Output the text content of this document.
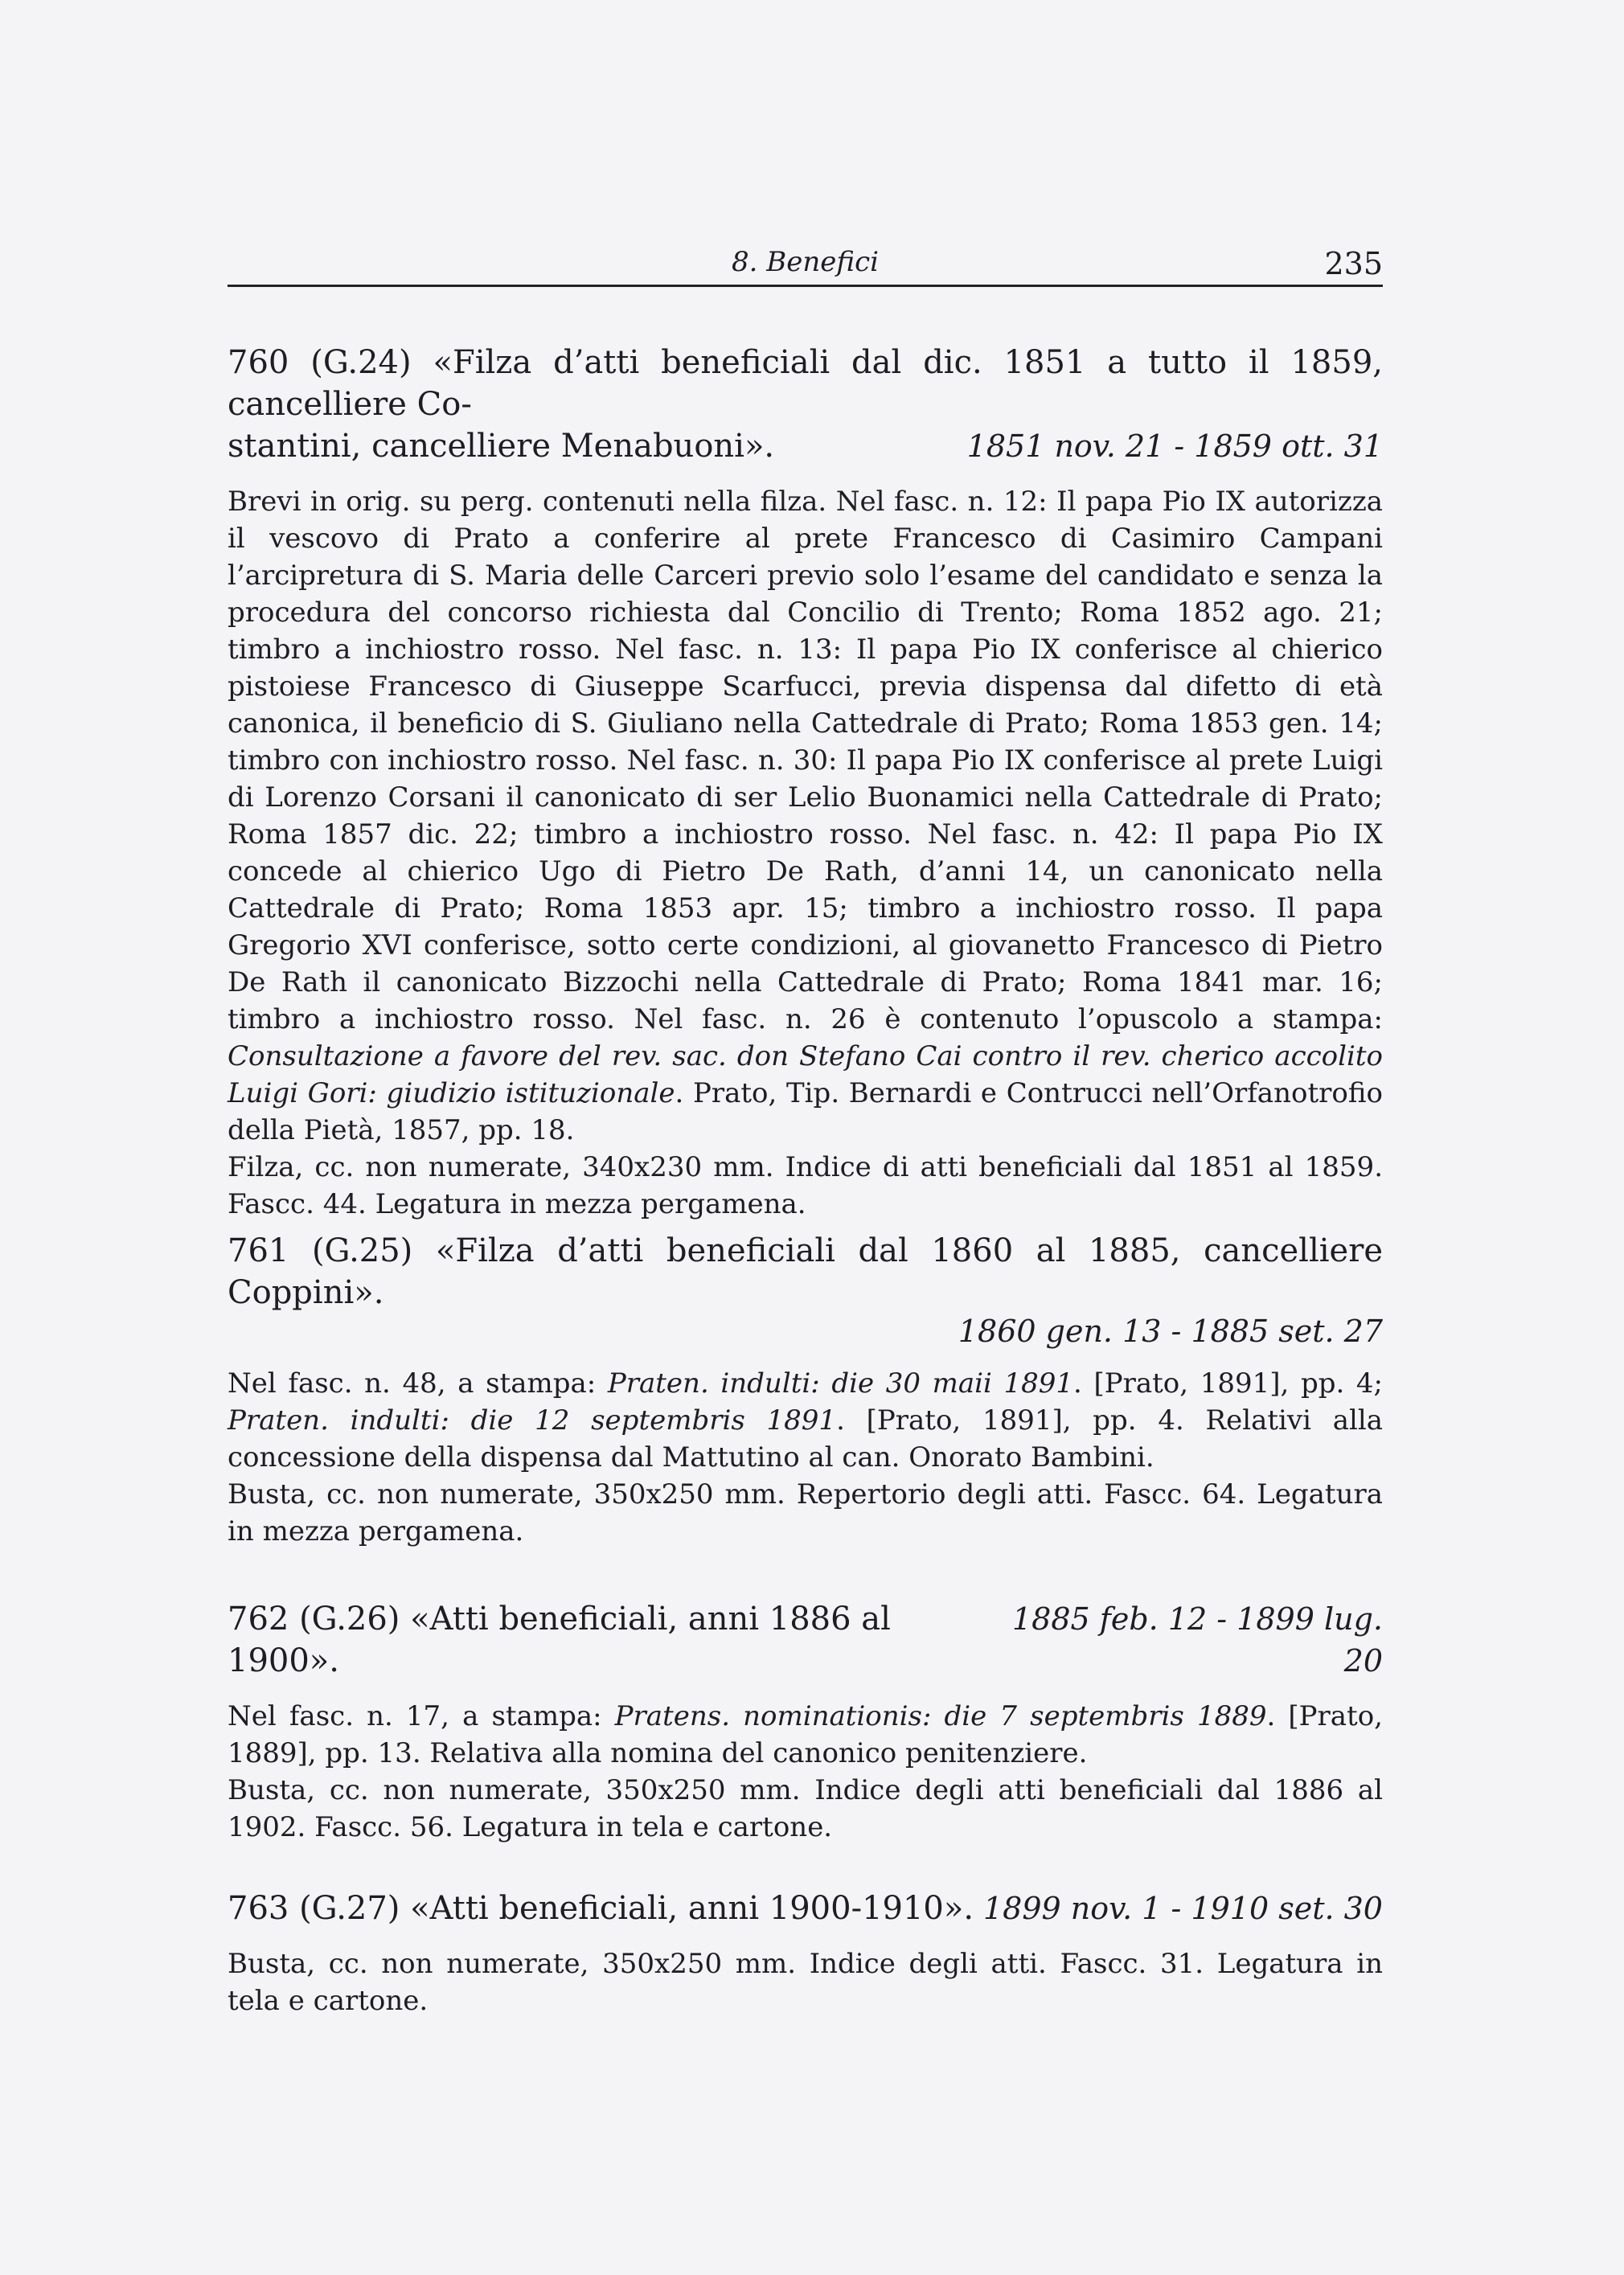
8. Benefici	235
760 (G.24) «Filza d’atti beneficiali dal dic. 1851 a tutto il 1859, cancelliere Co-
stantini, cancelliere Menabuoni».	1851 nov. 21 - 1859 ott. 31

Brevi in orig. su perg. contenuti nella filza. Nel fasc. n. 12: Il papa Pio IX autorizza il vescovo di Prato a conferire al prete Francesco di Casimiro Campani l’arcipretura di S. Maria delle Carceri previo solo l’esame del candidato e senza la procedura del concorso richiesta dal Concilio di Trento; Roma 1852 ago. 21; timbro a inchiostro rosso. Nel fasc. n. 13: Il papa Pio IX conferisce al chierico pistoiese Francesco di Giuseppe Scarfucci, previa dispensa dal difetto di età canonica, il beneficio di S. Giuliano nella Cattedrale di Prato; Roma 1853 gen. 14; timbro con inchiostro rosso. Nel fasc. n. 30: Il papa Pio IX conferisce al prete Luigi di Lorenzo Corsani il canonicato di ser Lelio Buonamici nella Cattedrale di Prato; Roma 1857 dic. 22; timbro a inchiostro rosso. Nel fasc. n. 42: Il papa Pio IX concede al chierico Ugo di Pietro De Rath, d’anni 14, un canonicato nella Cattedrale di Prato; Roma 1853 apr. 15; timbro a inchiostro rosso. Il papa Gregorio XVI conferisce, sotto certe condizioni, al giovanetto Francesco di Pietro De Rath il canonicato Bizzochi nella Cattedrale di Prato; Roma 1841 mar. 16; timbro a inchiostro rosso. Nel fasc. n. 26 è contenuto l’opuscolo a stampa: Consultazione a favore del rev. sac. don Stefano Cai contro il rev. cherico accolito Luigi Gori: giudizio istituzionale. Prato, Tip. Bernardi e Contrucci nell’Orfanotrofio della Pietà, 1857, pp. 18.

Filza, cc. non numerate, 340x230 mm. Indice di atti beneficiali dal 1851 al 1859. Fascc. 44. Legatura in mezza pergamena.

761 (G.25) «Filza d’atti beneficiali dal 1860 al 1885, cancelliere Coppini».
1860 gen. 13 - 1885 set. 27

Nel fasc. n. 48, a stampa: Praten. indulti: die 30 maii 1891. [Prato, 1891], pp. 4; Praten. indulti: die 12 septembris 1891. [Prato, 1891], pp. 4. Relativi alla concessione della dispensa dal Mattutino al can. Onorato Bambini.

Busta, cc. non numerate, 350x250 mm. Repertorio degli atti. Fascc. 64. Legatura in mezza pergamena.

762 (G.26) «Atti beneficiali, anni 1886 al 1900».
1885 feb. 12 - 1899 lug. 20

Nel fasc. n. 17, a stampa: Pratens. nominationis: die 7 septembris 1889. [Prato, 1889], pp. 13. Relativa alla nomina del canonico penitenziere.

Busta, cc. non numerate, 350x250 mm. Indice degli atti beneficiali dal 1886 al 1902. Fascc. 56. Legatura in tela e cartone.

763 (G.27) «Atti beneficiali, anni 1900-1910». 1899 nov. 1 - 1910 set. 30

Busta, cc. non numerate, 350x250 mm. Indice degli atti. Fascc. 31. Legatura in tela e cartone.
